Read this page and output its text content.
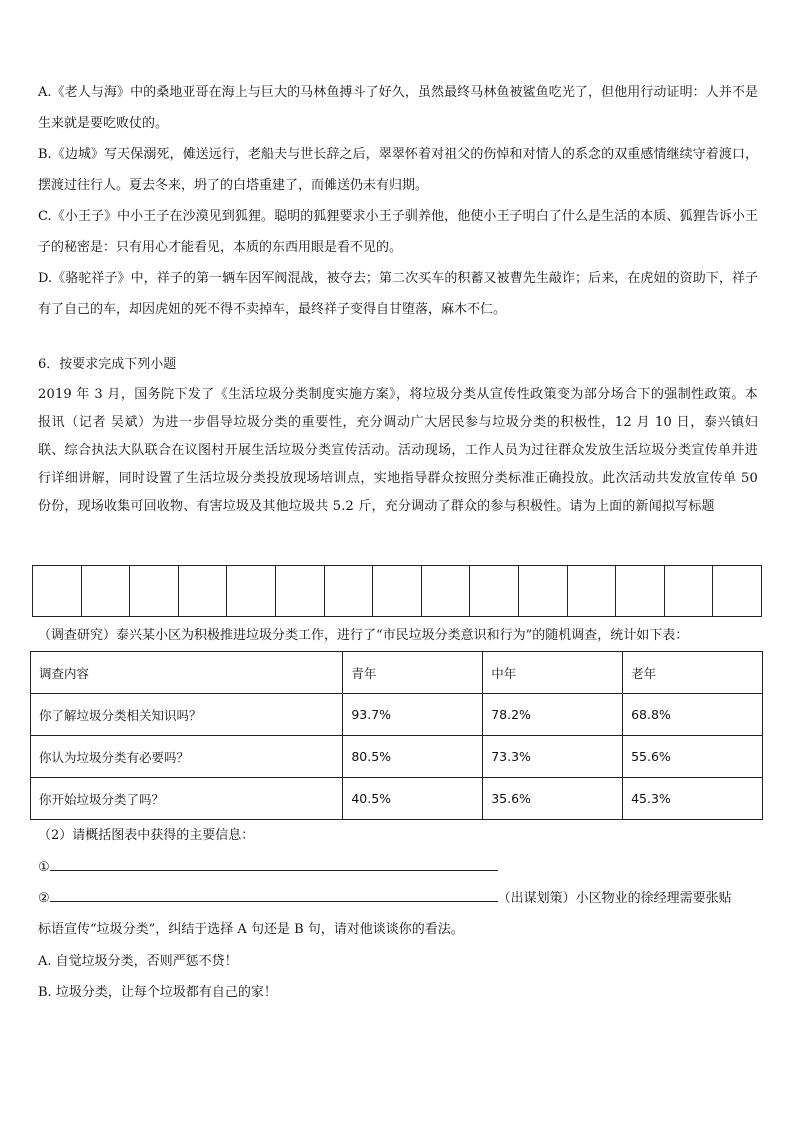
A.《老人与海》中的桑地亚哥在海上与巨大的马林鱼搏斗了好久，虽然最终马林鱼被鲨鱼吃光了，但他用行动证明：人并不是生来就是要吃败仗的。

B.《边城》写天保溺死，傩送远行，老船夫与世长辞之后，翠翠怀着对祖父的伤悼和对情人的系念的双重感情继续守着渡口，摆渡过往行人。夏去冬来，坍了的白塔重建了，而傩送仍未有归期。

C.《小王子》中小王子在沙漠见到狐狸。聪明的狐狸要求小王子驯养他，他使小王子明白了什么是生活的本质、狐狸告诉小王子的秘密是：只有用心才能看见，本质的东西用眼是看不见的。

D.《骆驼祥子》中，祥子的第一辆车因军阀混战，被夺去；第二次买车的积蓄又被曹先生敲诈；后来，在虎妞的资助下，祥子有了自己的车，却因虎妞的死不得不卖掉车，最终祥子变得自甘堕落，麻木不仁。

6．按要求完成下列小题

2019 年 3 月，国务院下发了《生活垃圾分类制度实施方案》，将垃圾分类从宣传性政策变为部分场合下的强制性政策。本报讯（记者 吴斌）为进一步倡导垃圾分类的重要性，充分调动广大居民参与垃圾分类的积极性，12 月 10 日，泰兴镇妇联、综合执法大队联合在议图村开展生活垃圾分类宣传活动。活动现场，工作人员为过往群众发放生活垃圾分类宣传单并进行详细讲解，同时设置了生活垃圾分类投放现场培训点，实地指导群众按照分类标准正确投放。此次活动共发放宣传单 50 份份，现场收集可回收物、有害垃圾及其他垃圾共 5.2 斤，充分调动了群众的参与积极性。请为上面的新闻拟写标题

（调查研究）泰兴某小区为积极推进垃圾分类工作，进行了“市民垃圾分类意识和行为”的随机调查，统计如下表：

调查内容	青年	中年	老年
你了解垃圾分类相关知识吗？	93.7%	78.2%	68.8%
你认为垃圾分类有必要吗？	80.5%	73.3%	55.6%
你开始垃圾分类了吗？	40.5%	35.6%	45.3%
（2）请概括图表中获得的主要信息：
①
②	（出谋划策）小区物业的徐经理需要张贴
标语宣传“垃圾分类”，纠结于选择 A 句还是 B 句，请对他谈谈你的看法。
A. 自觉垃圾分类，否则严惩不贷！
B. 垃圾分类，让每个垃圾都有自己的家！
